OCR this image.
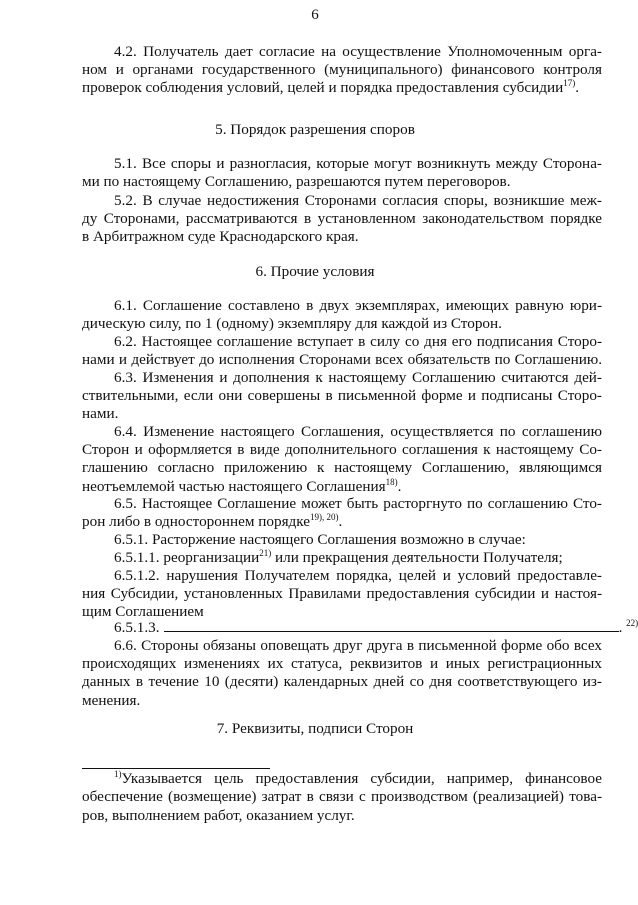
6
4.2. Получатель дает согласие на осуществление Уполномоченным орга-
ном и органами государственного (муниципального) финансового контроля
проверок соблюдения условий, целей и порядка предоставления субсидии$^{17)}$.
5. Порядок разрешения споров
5.1. Все споры и разногласия, которые могут возникнуть между Сторона-
ми по настоящему Соглашению, разрешаются путем переговоров.
5.2. В случае недостижения Сторонами согласия споры, возникшие меж-
ду Сторонами, рассматриваются в установленном законодательством порядке
в Арбитражном суде Краснодарского края.
6. Прочие условия
6.1. Соглашение составлено в двух экземплярах, имеющих равную юри-
дическую силу, по 1 (одному) экземпляру для каждой из Сторон.
6.2. Настоящее соглашение вступает в силу со дня его подписания Сторо-
нами и действует до исполнения Сторонами всех обязательств по Соглашению.
6.3. Изменения и дополнения к настоящему Соглашению считаются дей-
ствительными, если они совершены в письменной форме и подписаны Сторо-
нами.
6.4. Изменение настоящего Соглашения, осуществляется по соглашению
Сторон и оформляется в виде дополнительного соглашения к настоящему Со-
глашению согласно приложению к настоящему Соглашению, являющимся
неотъемлемой частью настоящего Соглашения$^{18)}$.
6.5. Настоящее Соглашение может быть расторгнуто по соглашению Сто-
рон либо в одностороннем порядке$^{19), 20)}$.
6.5.1. Расторжение настоящего Соглашения возможно в случае:
6.5.1.1. реорганизации$^{21)}$ или прекращения деятельности Получателя;
6.5.1.2. нарушения Получателем порядка, целей и условий предоставле-
ния Субсидии, установленных Правилами предоставления субсидии и настоя-
щим Соглашением
6.5.1.3.	. $^{22)}$
6.6. Стороны обязаны оповещать друг друга в письменной форме обо всех
происходящих изменениях их статуса, реквизитов и иных регистрационных
данных в течение 10 (десяти) календарных дней со дня соответствующего из-
менения.
7. Реквизиты, подписи Сторон
$^{1)}$Указывается цель предоставления субсидии, например, финансовое
обеспечение (возмещение) затрат в связи с производством (реализацией) това-
ров, выполнением работ, оказанием услуг.
